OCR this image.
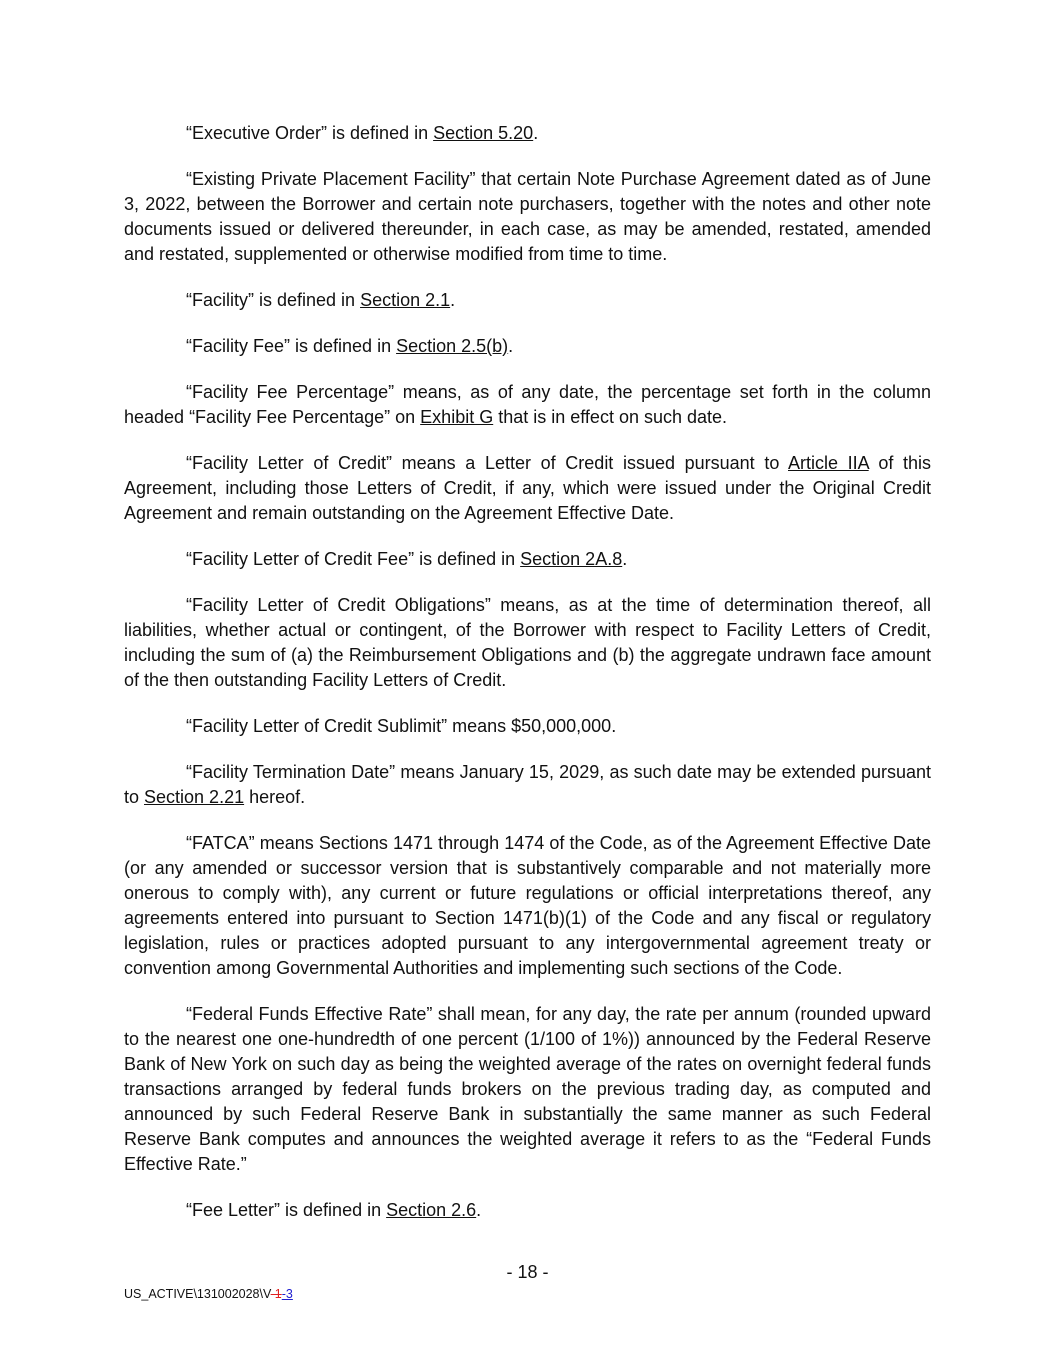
“Executive Order” is defined in Section 5.20.

“Existing Private Placement Facility” that certain Note Purchase Agreement dated as of June 3, 2022, between the Borrower and certain note purchasers, together with the notes and other note documents issued or delivered thereunder, in each case, as may be amended, restated, amended and restated, supplemented or otherwise modified from time to time.

“Facility” is defined in Section 2.1.

“Facility Fee” is defined in Section 2.5(b).

“Facility Fee Percentage” means, as of any date, the percentage set forth in the column headed “Facility Fee Percentage” on Exhibit G that is in effect on such date.

“Facility Letter of Credit” means a Letter of Credit issued pursuant to Article IIA of this Agreement, including those Letters of Credit, if any, which were issued under the Original Credit Agreement and remain outstanding on the Agreement Effective Date.

“Facility Letter of Credit Fee” is defined in Section 2A.8.

“Facility Letter of Credit Obligations” means, as at the time of determination thereof, all liabilities, whether actual or contingent, of the Borrower with respect to Facility Letters of Credit, including the sum of (a) the Reimbursement Obligations and (b) the aggregate undrawn face amount of the then outstanding Facility Letters of Credit.

“Facility Letter of Credit Sublimit” means $50,000,000.

“Facility Termination Date” means January 15, 2029, as such date may be extended pursuant to Section 2.21 hereof.

“FATCA” means Sections 1471 through 1474 of the Code, as of the Agreement Effective Date (or any amended or successor version that is substantively comparable and not materially more onerous to comply with), any current or future regulations or official interpretations thereof, any agreements entered into pursuant to Section 1471(b)(1) of the Code and any fiscal or regulatory legislation, rules or practices adopted pursuant to any intergovernmental agreement treaty or convention among Governmental Authorities and implementing such sections of the Code.

“Federal Funds Effective Rate” shall mean, for any day, the rate per annum (rounded upward to the nearest one one-hundredth of one percent (1/100 of 1%)) announced by the Federal Reserve Bank of New York on such day as being the weighted average of the rates on overnight federal funds transactions arranged by federal funds brokers on the previous trading day, as computed and announced by such Federal Reserve Bank in substantially the same manner as such Federal Reserve Bank computes and announces the weighted average it refers to as the “Federal Funds Effective Rate.”

“Fee Letter” is defined in Section 2.6.

- 18 -
US_ACTIVE\131002028\V-1-3
